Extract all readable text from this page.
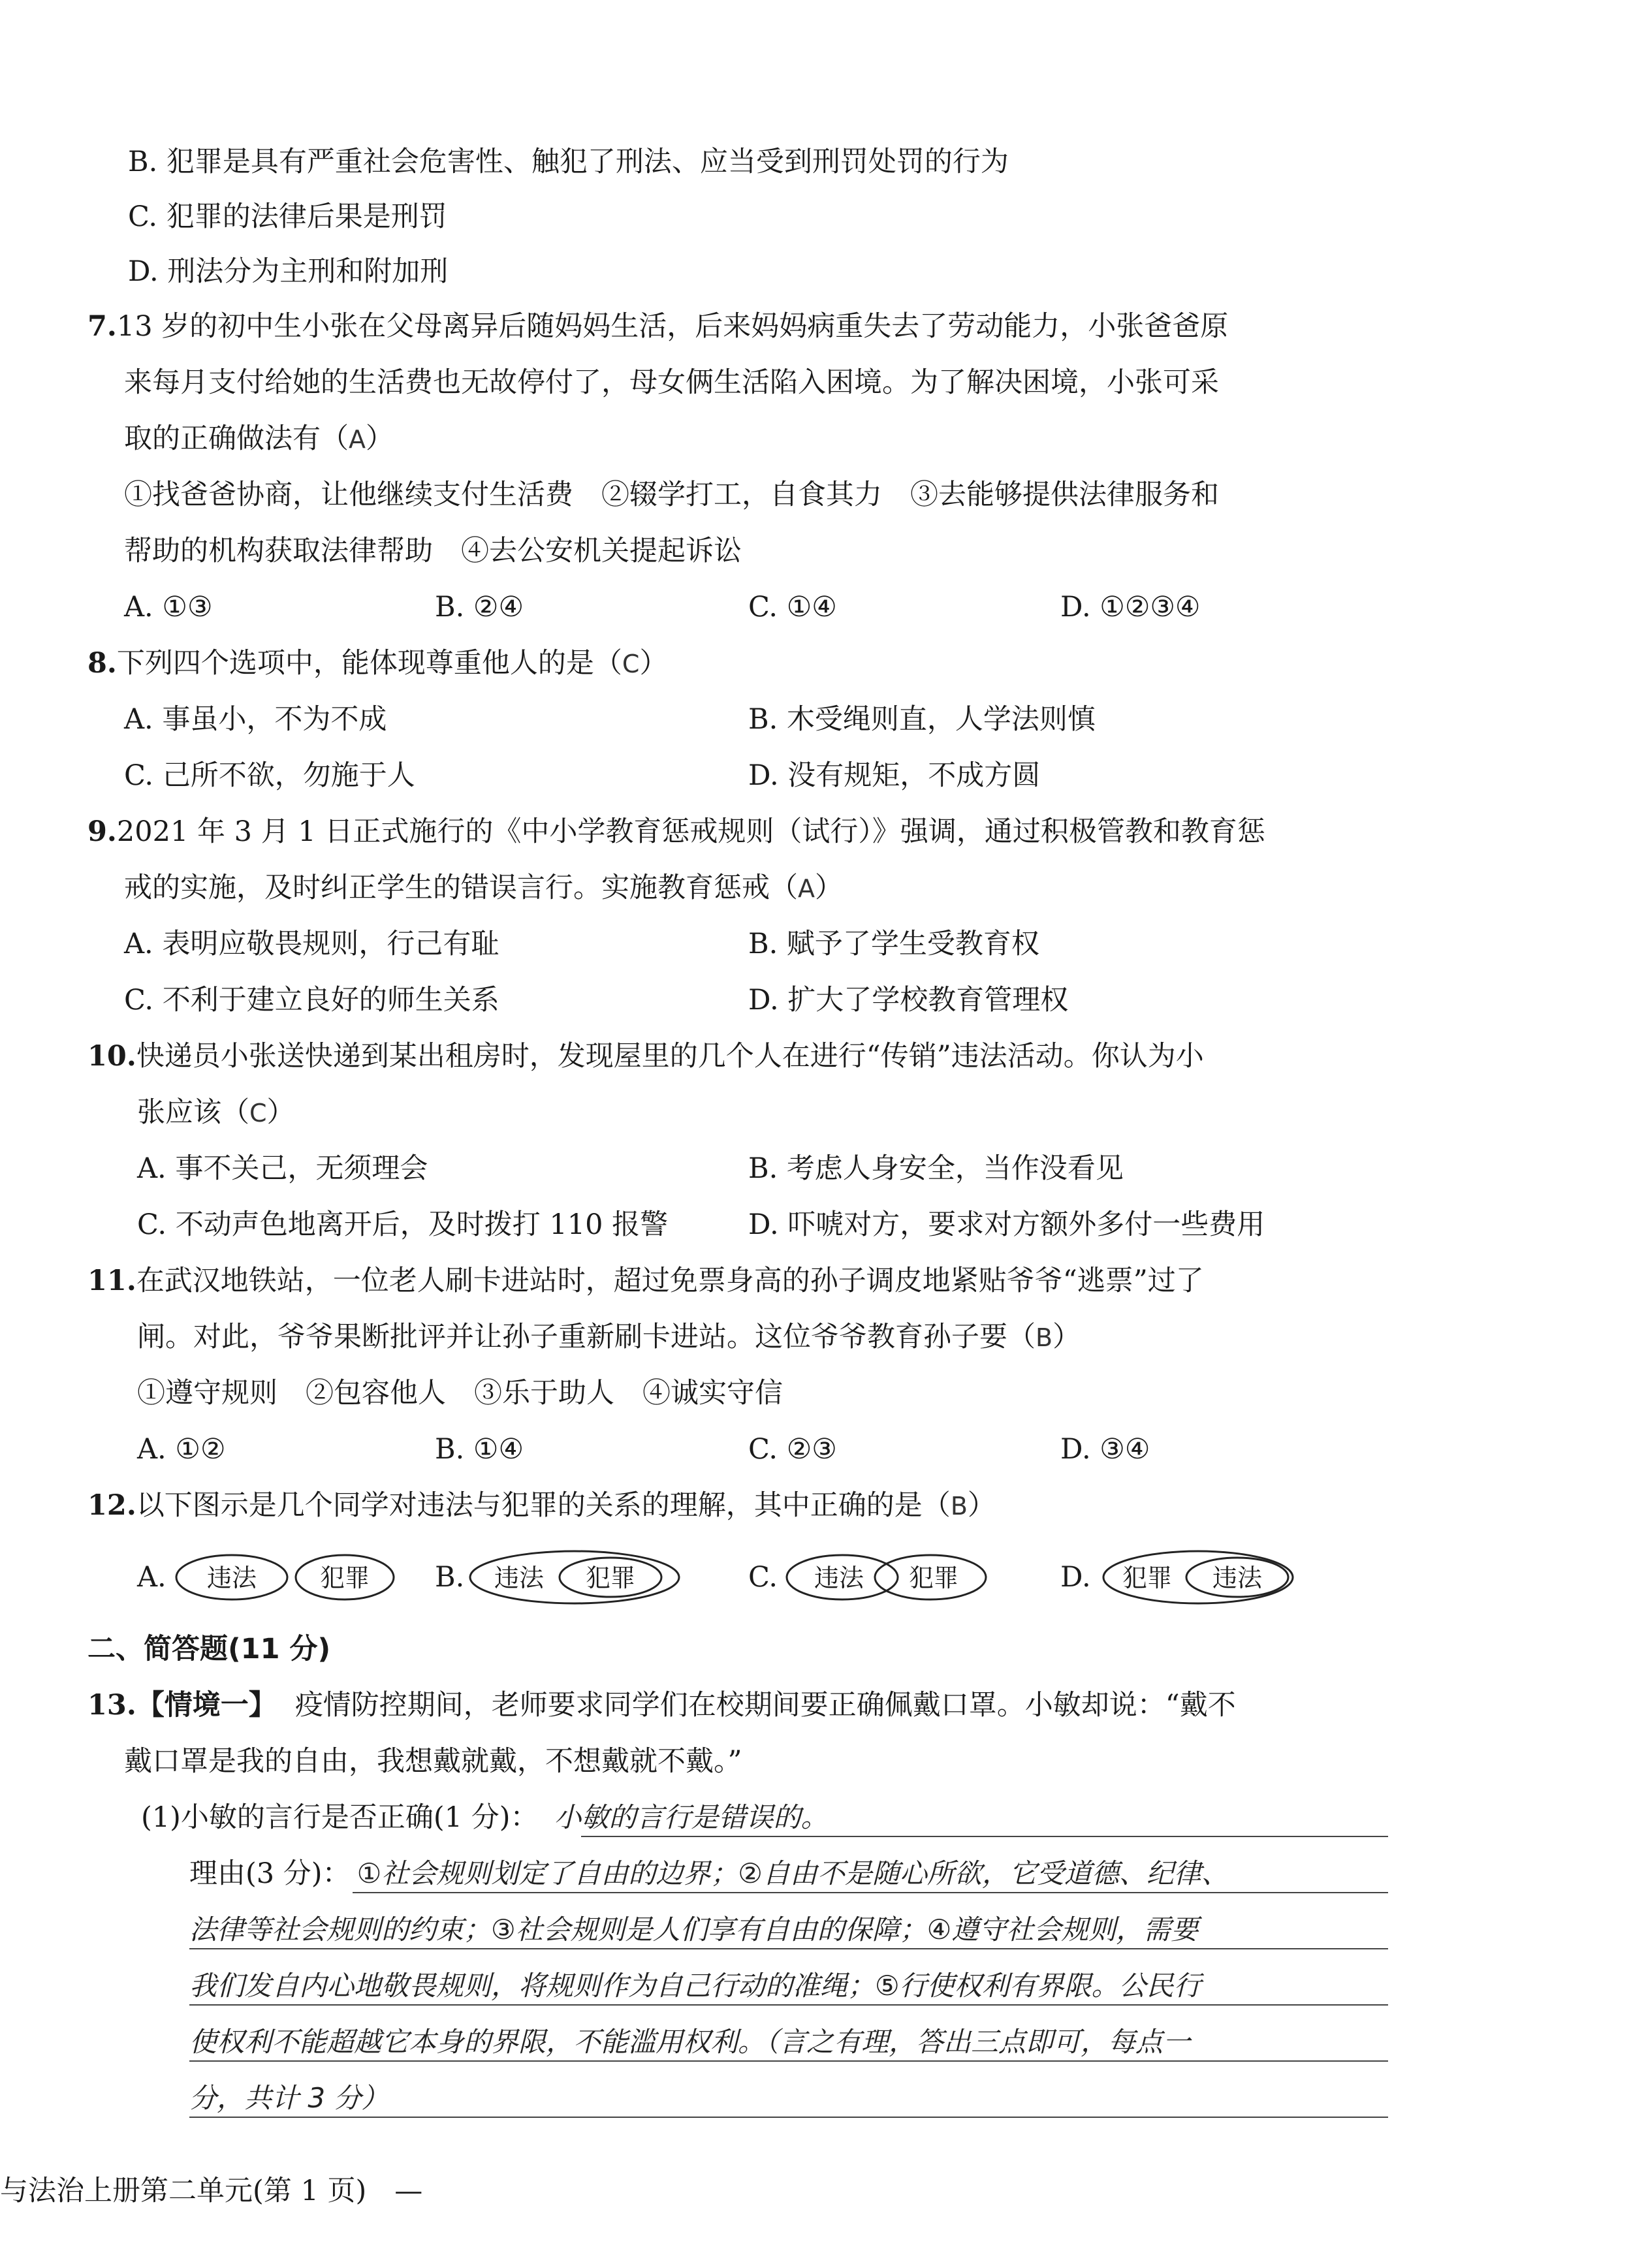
B. 犯罪是具有严重社会危害性、触犯了刑法、应当受到刑罚处罚的行为
C. 犯罪的法律后果是刑罚
D. 刑法分为主刑和附加刑
7.13 岁的初中生小张在父母离异后随妈妈生活，后来妈妈病重失去了劳动能力，小张爸爸原
来每月支付给她的生活费也无故停付了，母女俩生活陷入困境。为了解决困境，小张可采
取的正确做法有（A）
①找爸爸协商，让他继续支付生活费　②辍学打工，自食其力　③去能够提供法律服务和
帮助的机构获取法律帮助　④去公安机关提起诉讼
A. ①③	B. ②④	C. ①④	D. ①②③④
8.下列四个选项中，能体现尊重他人的是（C）
A. 事虽小，不为不成	B. 木受绳则直，人学法则慎
C. 己所不欲，勿施于人	D. 没有规矩，不成方圆
9.2021 年 3 月 1 日正式施行的《中小学教育惩戒规则（试行）》强调，通过积极管教和教育惩
戒的实施，及时纠正学生的错误言行。实施教育惩戒（A）
A. 表明应敬畏规则，行己有耻	B. 赋予了学生受教育权
C. 不利于建立良好的师生关系	D. 扩大了学校教育管理权
10.快递员小张送快递到某出租房时，发现屋里的几个人在进行“传销”违法活动。你认为小
张应该（C）
A. 事不关己，无须理会	B. 考虑人身安全，当作没看见
C. 不动声色地离开后，及时拨打 110 报警	D. 吓唬对方，要求对方额外多付一些费用
11.在武汉地铁站，一位老人刷卡进站时，超过免票身高的孙子调皮地紧贴爷爷“逃票”过了
闸。对此，爷爷果断批评并让孙子重新刷卡进站。这位爷爷教育孙子要（B）
①遵守规则　②包容他人　③乐于助人　④诚实守信
A. ①②	B. ①④	C. ②③	D. ③④
12.以下图示是几个同学对违法与犯罪的关系的理解，其中正确的是（B）
A.	B.	C.	D.
违法	犯罪	违法 犯罪	违法 犯罪	犯罪 违法
二、简答题(11 分)
13.【情境一】 疫情防控期间，老师要求同学们在校期间要正确佩戴口罩。小敏却说：“戴不
戴口罩是我的自由，我想戴就戴，不想戴就不戴。”
(1)小敏的言行是否正确(1 分)： 小敏的言行是错误的。
理由(3 分)： ①社会规则划定了自由的边界；②自由不是随心所欲，它受道德、纪律、
法律等社会规则的约束；③社会规则是人们享有自由的保障；④遵守社会规则，需要
我们发自内心地敬畏规则，将规则作为自己行动的准绳；⑤行使权利有界限。公民行
使权利不能超越它本身的界限，不能滥用权利。（言之有理，答出三点即可，每点一
分，共计 3 分）
与法治上册第二单元(第 1 页)　—
